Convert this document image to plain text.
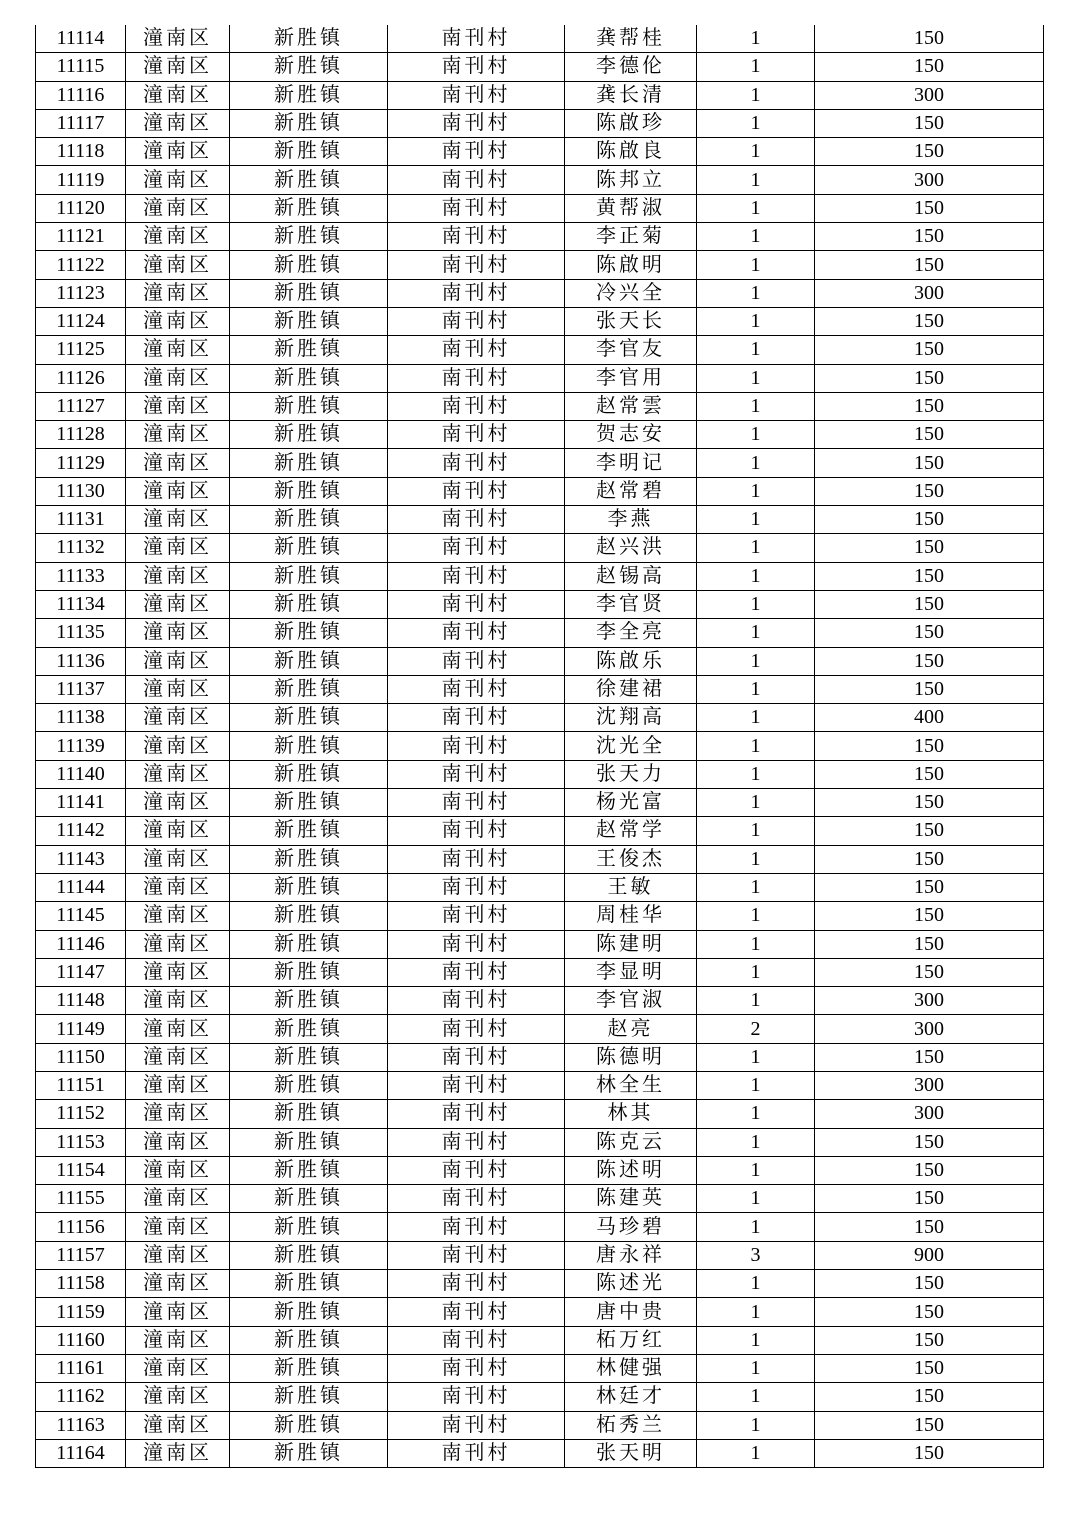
11114	潼南区	新胜镇	南刊村	龚帮桂	1	150
11115	潼南区	新胜镇	南刊村	李德伦	1	150
11116	潼南区	新胜镇	南刊村	龚长清	1	300
11117	潼南区	新胜镇	南刊村	陈啟珍	1	150
11118	潼南区	新胜镇	南刊村	陈啟良	1	150
11119	潼南区	新胜镇	南刊村	陈邦立	1	300
11120	潼南区	新胜镇	南刊村	黄帮淑	1	150
11121	潼南区	新胜镇	南刊村	李正菊	1	150
11122	潼南区	新胜镇	南刊村	陈啟明	1	150
11123	潼南区	新胜镇	南刊村	冷兴全	1	300
11124	潼南区	新胜镇	南刊村	张天长	1	150
11125	潼南区	新胜镇	南刊村	李官友	1	150
11126	潼南区	新胜镇	南刊村	李官用	1	150
11127	潼南区	新胜镇	南刊村	赵常雲	1	150
11128	潼南区	新胜镇	南刊村	贺志安	1	150
11129	潼南区	新胜镇	南刊村	李明记	1	150
11130	潼南区	新胜镇	南刊村	赵常碧	1	150
11131	潼南区	新胜镇	南刊村	李燕	1	150
11132	潼南区	新胜镇	南刊村	赵兴洪	1	150
11133	潼南区	新胜镇	南刊村	赵锡高	1	150
11134	潼南区	新胜镇	南刊村	李官贤	1	150
11135	潼南区	新胜镇	南刊村	李全亮	1	150
11136	潼南区	新胜镇	南刊村	陈啟乐	1	150
11137	潼南区	新胜镇	南刊村	徐建裙	1	150
11138	潼南区	新胜镇	南刊村	沈翔高	1	400
11139	潼南区	新胜镇	南刊村	沈光全	1	150
11140	潼南区	新胜镇	南刊村	张天力	1	150
11141	潼南区	新胜镇	南刊村	杨光富	1	150
11142	潼南区	新胜镇	南刊村	赵常学	1	150
11143	潼南区	新胜镇	南刊村	王俊杰	1	150
11144	潼南区	新胜镇	南刊村	王敏	1	150
11145	潼南区	新胜镇	南刊村	周桂华	1	150
11146	潼南区	新胜镇	南刊村	陈建明	1	150
11147	潼南区	新胜镇	南刊村	李显明	1	150
11148	潼南区	新胜镇	南刊村	李官淑	1	300
11149	潼南区	新胜镇	南刊村	赵亮	2	300
11150	潼南区	新胜镇	南刊村	陈德明	1	150
11151	潼南区	新胜镇	南刊村	林全生	1	300
11152	潼南区	新胜镇	南刊村	林其	1	300
11153	潼南区	新胜镇	南刊村	陈克云	1	150
11154	潼南区	新胜镇	南刊村	陈述明	1	150
11155	潼南区	新胜镇	南刊村	陈建英	1	150
11156	潼南区	新胜镇	南刊村	马珍碧	1	150
11157	潼南区	新胜镇	南刊村	唐永祥	3	900
11158	潼南区	新胜镇	南刊村	陈述光	1	150
11159	潼南区	新胜镇	南刊村	唐中贵	1	150
11160	潼南区	新胜镇	南刊村	柘万红	1	150
11161	潼南区	新胜镇	南刊村	林健强	1	150
11162	潼南区	新胜镇	南刊村	林廷才	1	150
11163	潼南区	新胜镇	南刊村	柘秀兰	1	150
11164	潼南区	新胜镇	南刊村	张天明	1	150
